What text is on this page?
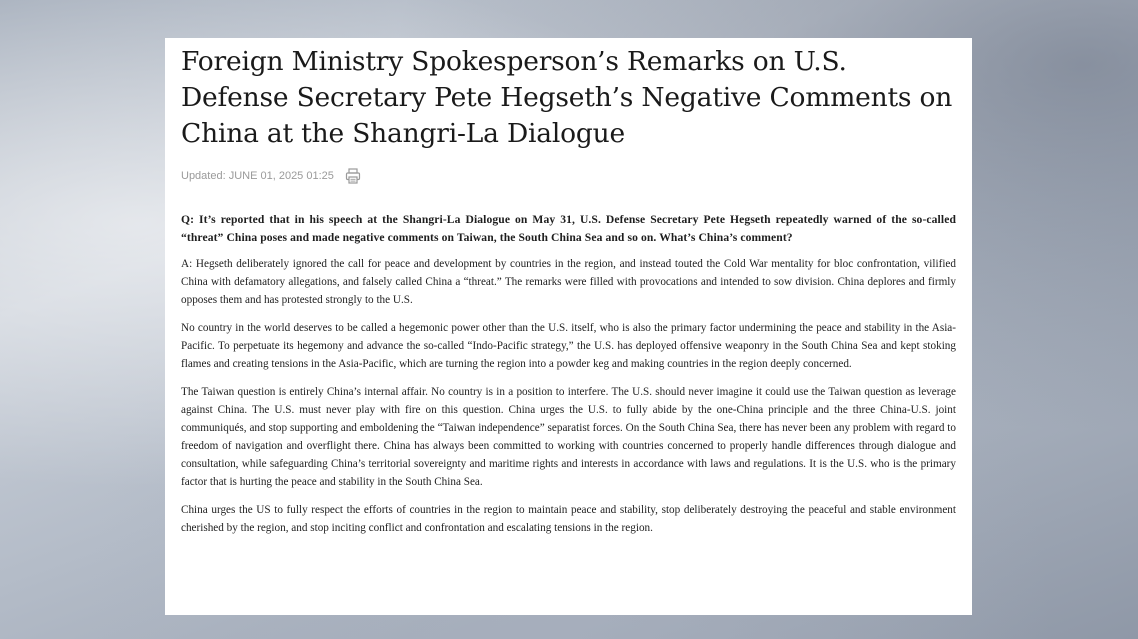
Foreign Ministry Spokesperson’s Remarks on U.S. Defense Secretary Pete Hegseth’s Negative Comments on China at the Shangri-La Dialogue
Updated: JUNE 01, 2025 01:25

Q: It’s reported that in his speech at the Shangri-La Dialogue on May 31, U.S. Defense Secretary Pete Hegseth repeatedly warned of the so-called “threat” China poses and made negative comments on Taiwan, the South China Sea and so on. What’s China’s comment?

A: Hegseth deliberately ignored the call for peace and development by countries in the region, and instead touted the Cold War mentality for bloc confrontation, vilified China with defamatory allegations, and falsely called China a “threat.” The remarks were filled with provocations and intended to sow division. China deplores and firmly opposes them and has protested strongly to the U.S.

No country in the world deserves to be called a hegemonic power other than the U.S. itself, who is also the primary factor undermining the peace and stability in the Asia-Pacific. To perpetuate its hegemony and advance the so-called “Indo-Pacific strategy,” the U.S. has deployed offensive weaponry in the South China Sea and kept stoking flames and creating tensions in the Asia-Pacific, which are turning the region into a powder keg and making countries in the region deeply concerned.

The Taiwan question is entirely China’s internal affair. No country is in a position to interfere. The U.S. should never imagine it could use the Taiwan question as leverage against China. The U.S. must never play with fire on this question. China urges the U.S. to fully abide by the one-China principle and the three China-U.S. joint communiqués, and stop supporting and emboldening the “Taiwan independence” separatist forces. On the South China Sea, there has never been any problem with regard to freedom of navigation and overflight there. China has always been committed to working with countries concerned to properly handle differences through dialogue and consultation, while safeguarding China’s territorial sovereignty and maritime rights and interests in accordance with laws and regulations. It is the U.S. who is the primary factor that is hurting the peace and stability in the South China Sea.

China urges the US to fully respect the efforts of countries in the region to maintain peace and stability, stop deliberately destroying the peaceful and stable environment cherished by the region, and stop inciting conflict and confrontation and escalating tensions in the region.
